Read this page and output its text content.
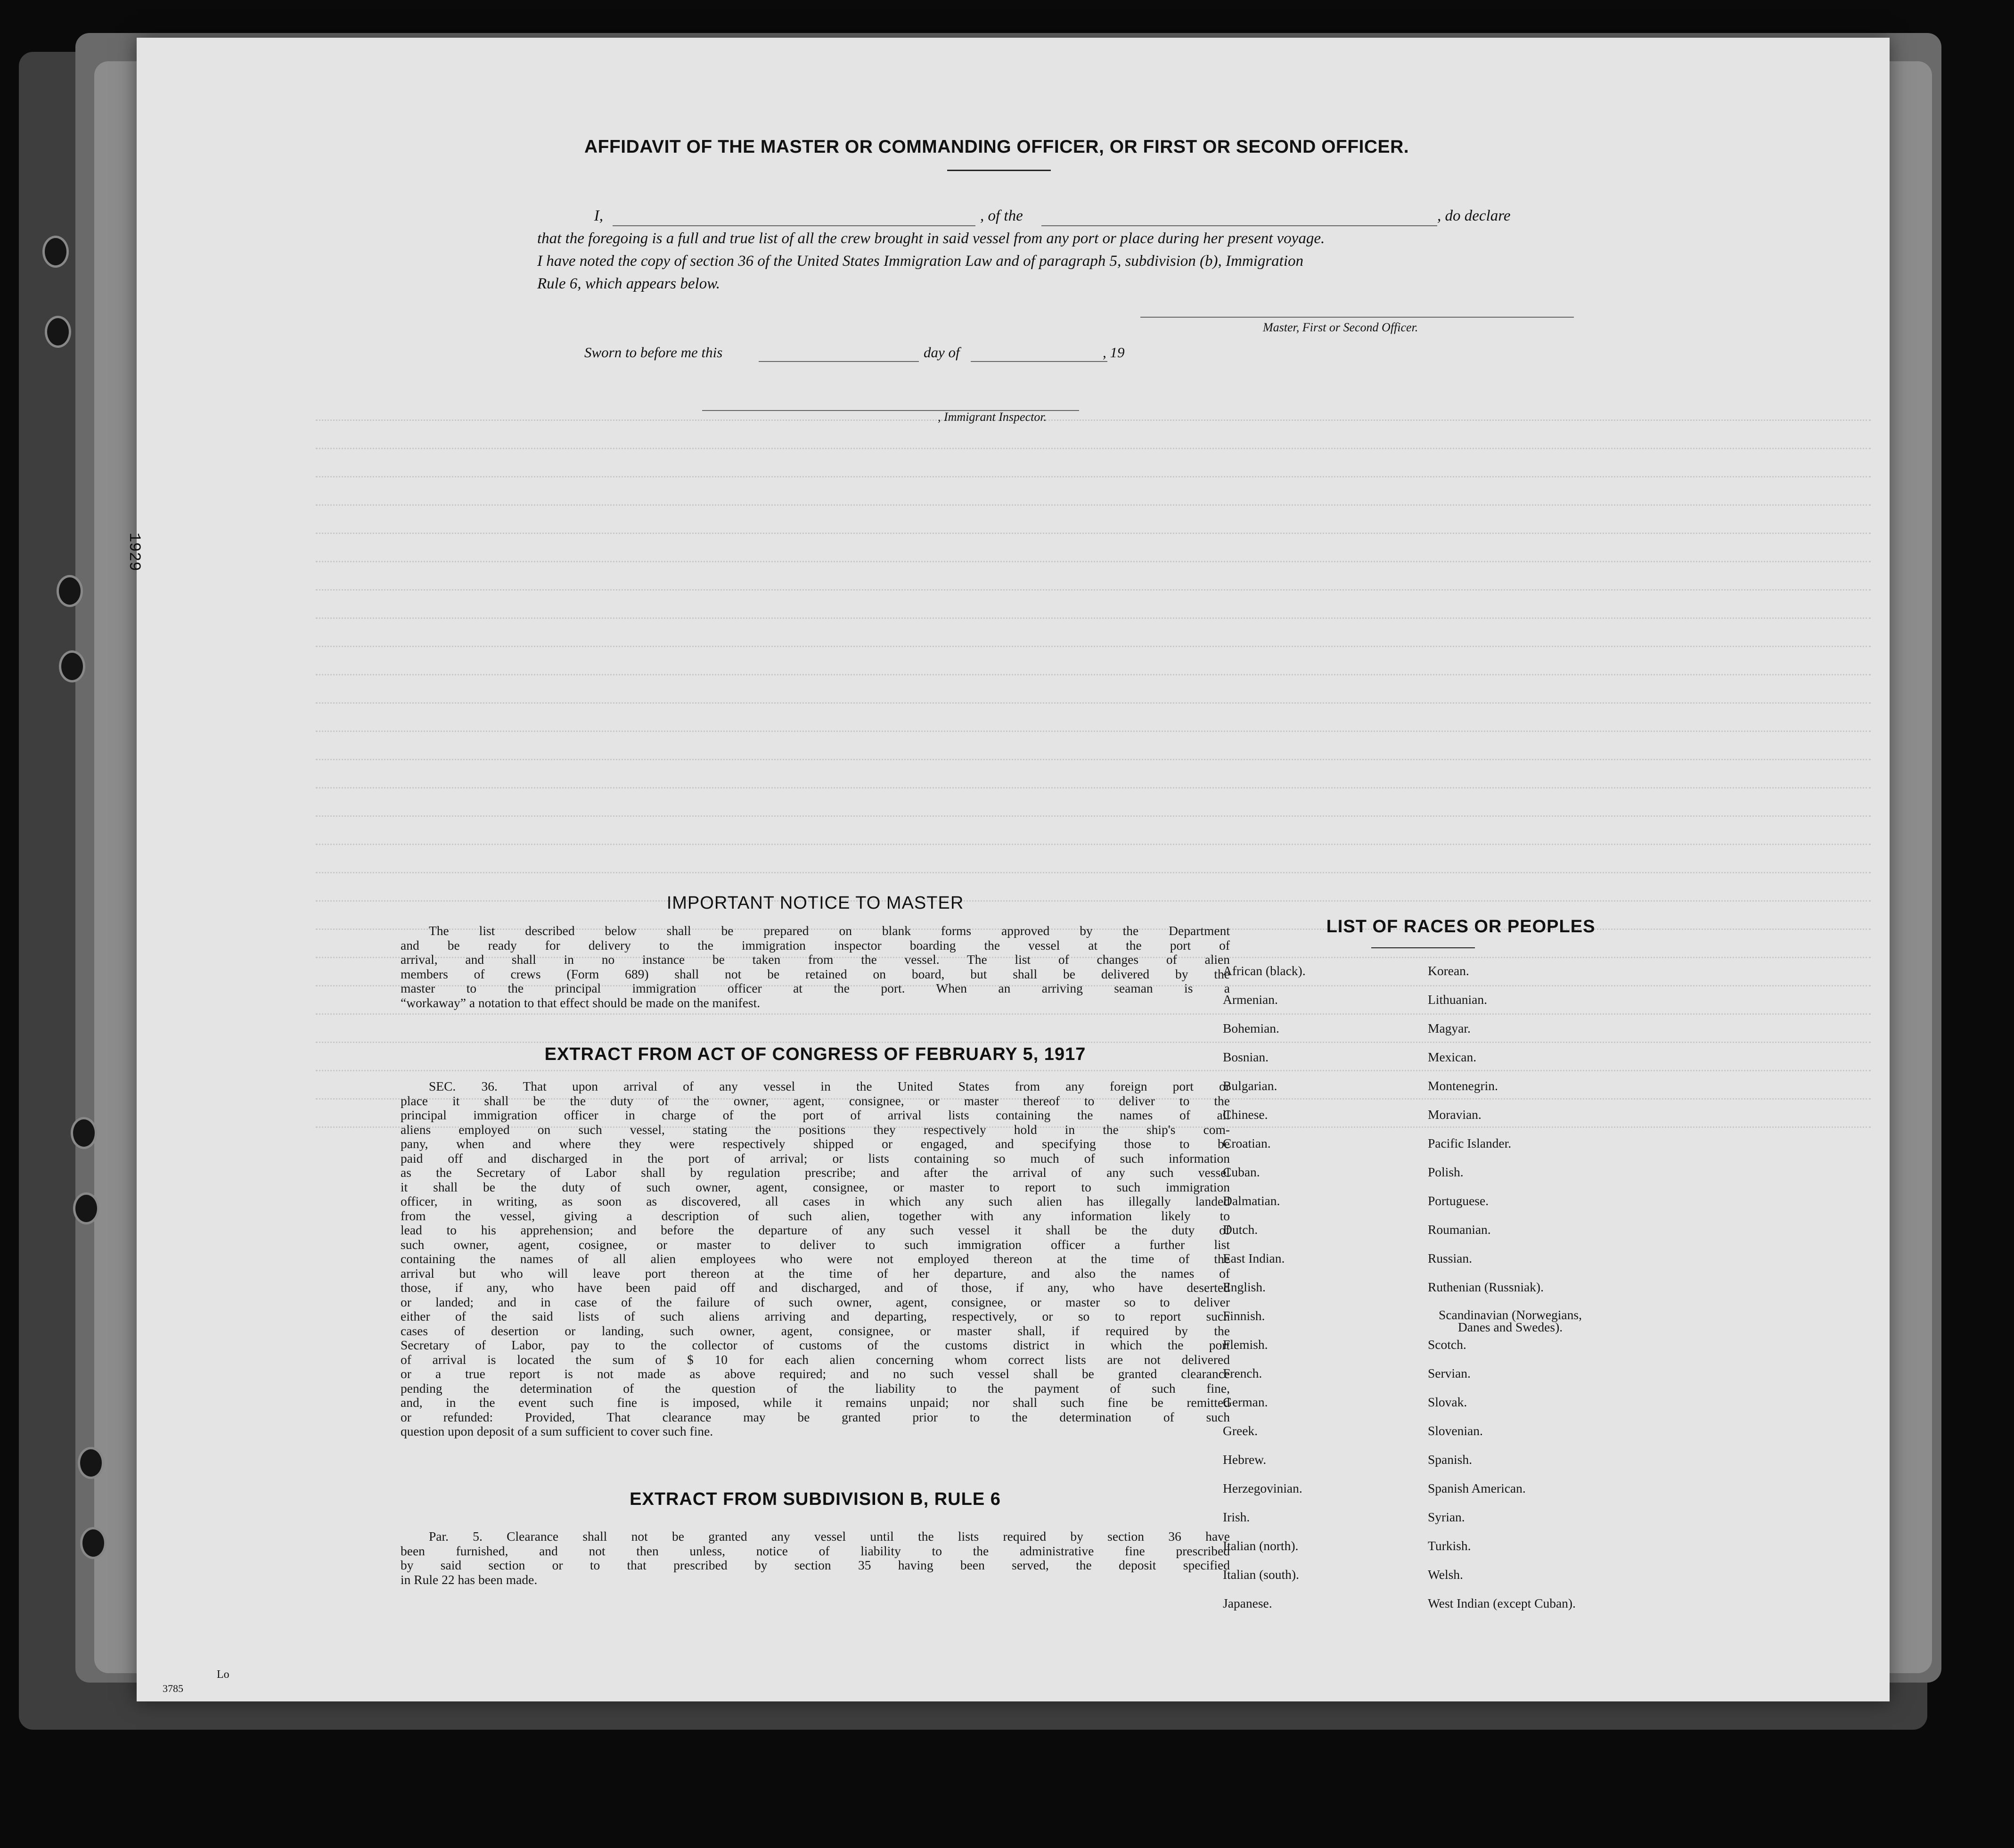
1929
AFFIDAVIT OF THE MASTER OR COMMANDING OFFICER, OR FIRST OR SECOND OFFICER.
I,	, of the	, do declare
that the foregoing is a full and true list of all the crew brought in said vessel from any port or place during her present voyage.
I have noted the copy of section 36 of the United States Immigration Law and of paragraph 5, subdivision (b), Immigration
Rule 6, which appears below.
Master, First or Second Officer.
Sworn to before me this	day of	, 19
, Immigrant Inspector.
IMPORTANT NOTICE TO MASTER
The list described below shall be prepared on blank forms approved by the Department
and be ready for delivery to the immigration inspector boarding the vessel at the port of
arrival, and shall in no instance be taken from the vessel. The list of changes of alien
members of crews (Form 689) shall not be retained on board, but shall be delivered by the
master to the principal immigration officer at the port. When an arriving seaman is a
“workaway” a notation to that effect should be made on the manifest.
EXTRACT FROM ACT OF CONGRESS OF FEBRUARY 5, 1917
SEC. 36. That upon arrival of any vessel in the United States from any foreign port or
place it shall be the duty of the owner, agent, consignee, or master thereof to deliver to the
principal immigration officer in charge of the port of arrival lists containing the names of all
aliens employed on such vessel, stating the positions they respectively hold in the ship's com-
pany, when and where they were respectively shipped or engaged, and specifying those to be
paid off and discharged in the port of arrival; or lists containing so much of such information
as the Secretary of Labor shall by regulation prescribe; and after the arrival of any such vessel
it shall be the duty of such owner, agent, consignee, or master to report to such immigration
officer, in writing, as soon as discovered, all cases in which any such alien has illegally landed
from the vessel, giving a description of such alien, together with any information likely to
lead to his apprehension; and before the departure of any such vessel it shall be the duty of
such owner, agent, cosignee, or master to deliver to such immigration officer a further list
containing the names of all alien employees who were not employed thereon at the time of the
arrival but who will leave port thereon at the time of her departure, and also the names of
those, if any, who have been paid off and discharged, and of those, if any, who have deserted
or landed; and in case of the failure of such owner, agent, consignee, or master so to deliver
either of the said lists of such aliens arriving and departing, respectively, or so to report such
cases of desertion or landing, such owner, agent, consignee, or master shall, if required by the
Secretary of Labor, pay to the collector of customs of the customs district in which the port
of arrival is located the sum of $ 10 for each alien concerning whom correct lists are not delivered
or a true report is not made as above required; and no such vessel shall be granted clearance
pending the determination of the question of the liability to the payment of such fine,
and, in the event such fine is imposed, while it remains unpaid; nor shall such fine be remitted
or refunded: Provided, That clearance may be granted prior to the determination of such
question upon deposit of a sum sufficient to cover such fine.
EXTRACT FROM SUBDIVISION B, RULE 6
Par. 5. Clearance shall not be granted any vessel until the lists required by section 36 have
been furnished, and not then unless, notice of liability to the administrative fine prescribed
by said section or to that prescribed by section 35 having been served, the deposit specified
in Rule 22 has been made.
LIST OF RACES OR PEOPLES
African (black).
Armenian.
Bohemian.
Bosnian.
Bulgarian.
Chinese.
Croatian.
Cuban.
Dalmatian.
Dutch.
East Indian.
English.
Finnish.
Flemish.
French.
German.
Greek.
Hebrew.
Herzegovinian.
Irish.
Italian (north).
Italian (south).
Japanese.
Korean.
Lithuanian.
Magyar.
Mexican.
Montenegrin.
Moravian.
Pacific Islander.
Polish.
Portuguese.
Roumanian.
Russian.
Ruthenian (Russniak).
Scandinavian (Norwegians, Danes and Swedes).
Scotch.
Servian.
Slovak.
Slovenian.
Spanish.
Spanish American.
Syrian.
Turkish.
Welsh.
West Indian (except Cuban).
3785
Lo
